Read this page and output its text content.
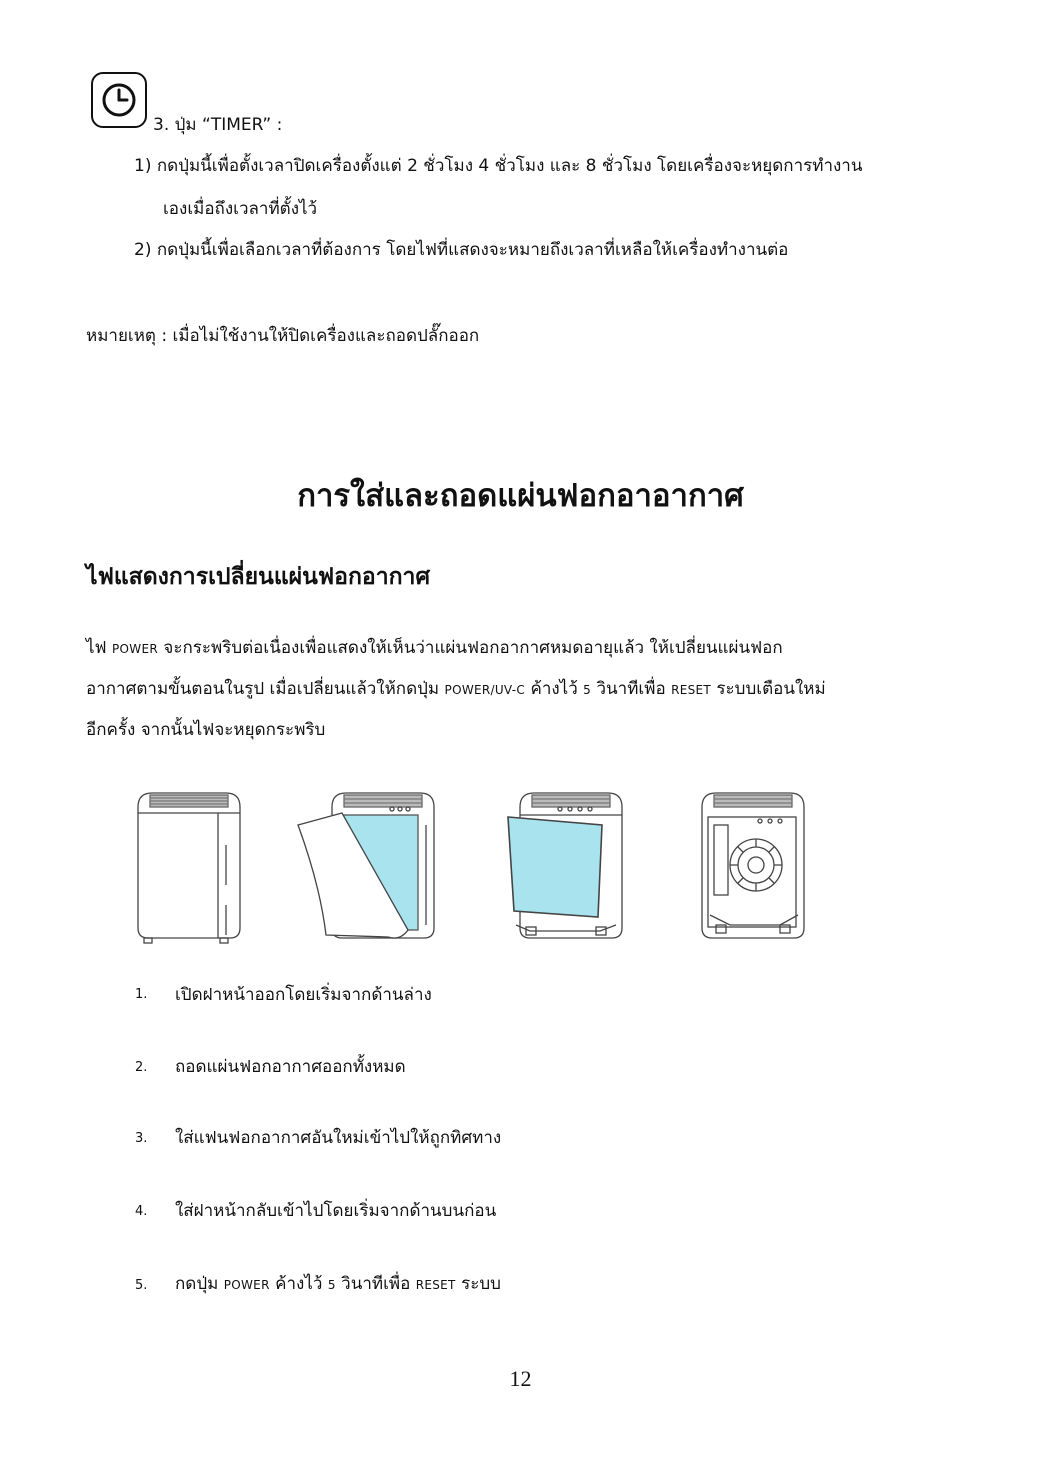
3. ปุ่ม “TIMER” :
1) กดปุ่มนี้เพื่อตั้งเวลาปิดเครื่องตั้งแต่ 2 ชั่วโมง 4 ชั่วโมง และ 8 ชั่วโมง โดยเครื่องจะหยุดการทำงาน
เองเมื่อถึงเวลาที่ตั้งไว้
2) กดปุ่มนี้เพื่อเลือกเวลาที่ต้องการ โดยไฟที่แสดงจะหมายถึงเวลาที่เหลือให้เครื่องทำงานต่อ
หมายเหตุ : เมื่อไม่ใช้งานให้ปิดเครื่องและถอดปลั๊กออก
การใส่และถอดแผ่นฟอกอาอากาศ
ไฟแสดงการเปลี่ยนแผ่นฟอกอากาศ
ไฟ POWER จะกระพริบต่อเนื่องเพื่อแสดงให้เห็นว่าแผ่นฟอกอากาศหมดอายุแล้ว ให้เปลี่ยนแผ่นฟอก
อากาศตามขั้นตอนในรูป เมื่อเปลี่ยนแล้วให้กดปุ่ม POWER/UV-C ค้างไว้ 5 วินาทีเพื่อ RESET ระบบเตือนใหม่
อีกครั้ง จากนั้นไฟจะหยุดกระพริบ
1. เปิดฝาหน้าออกโดยเริ่มจากด้านล่าง
2. ถอดแผ่นฟอกอากาศออกทั้งหมด
3. ใส่แฟนฟอกอากาศอันใหม่เข้าไปให้ถูกทิศทาง
4. ใส่ฝาหน้ากลับเข้าไปโดยเริ่มจากด้านบนก่อน
5. กดปุ่ม POWER ค้างไว้ 5 วินาทีเพื่อ RESET ระบบ
12
